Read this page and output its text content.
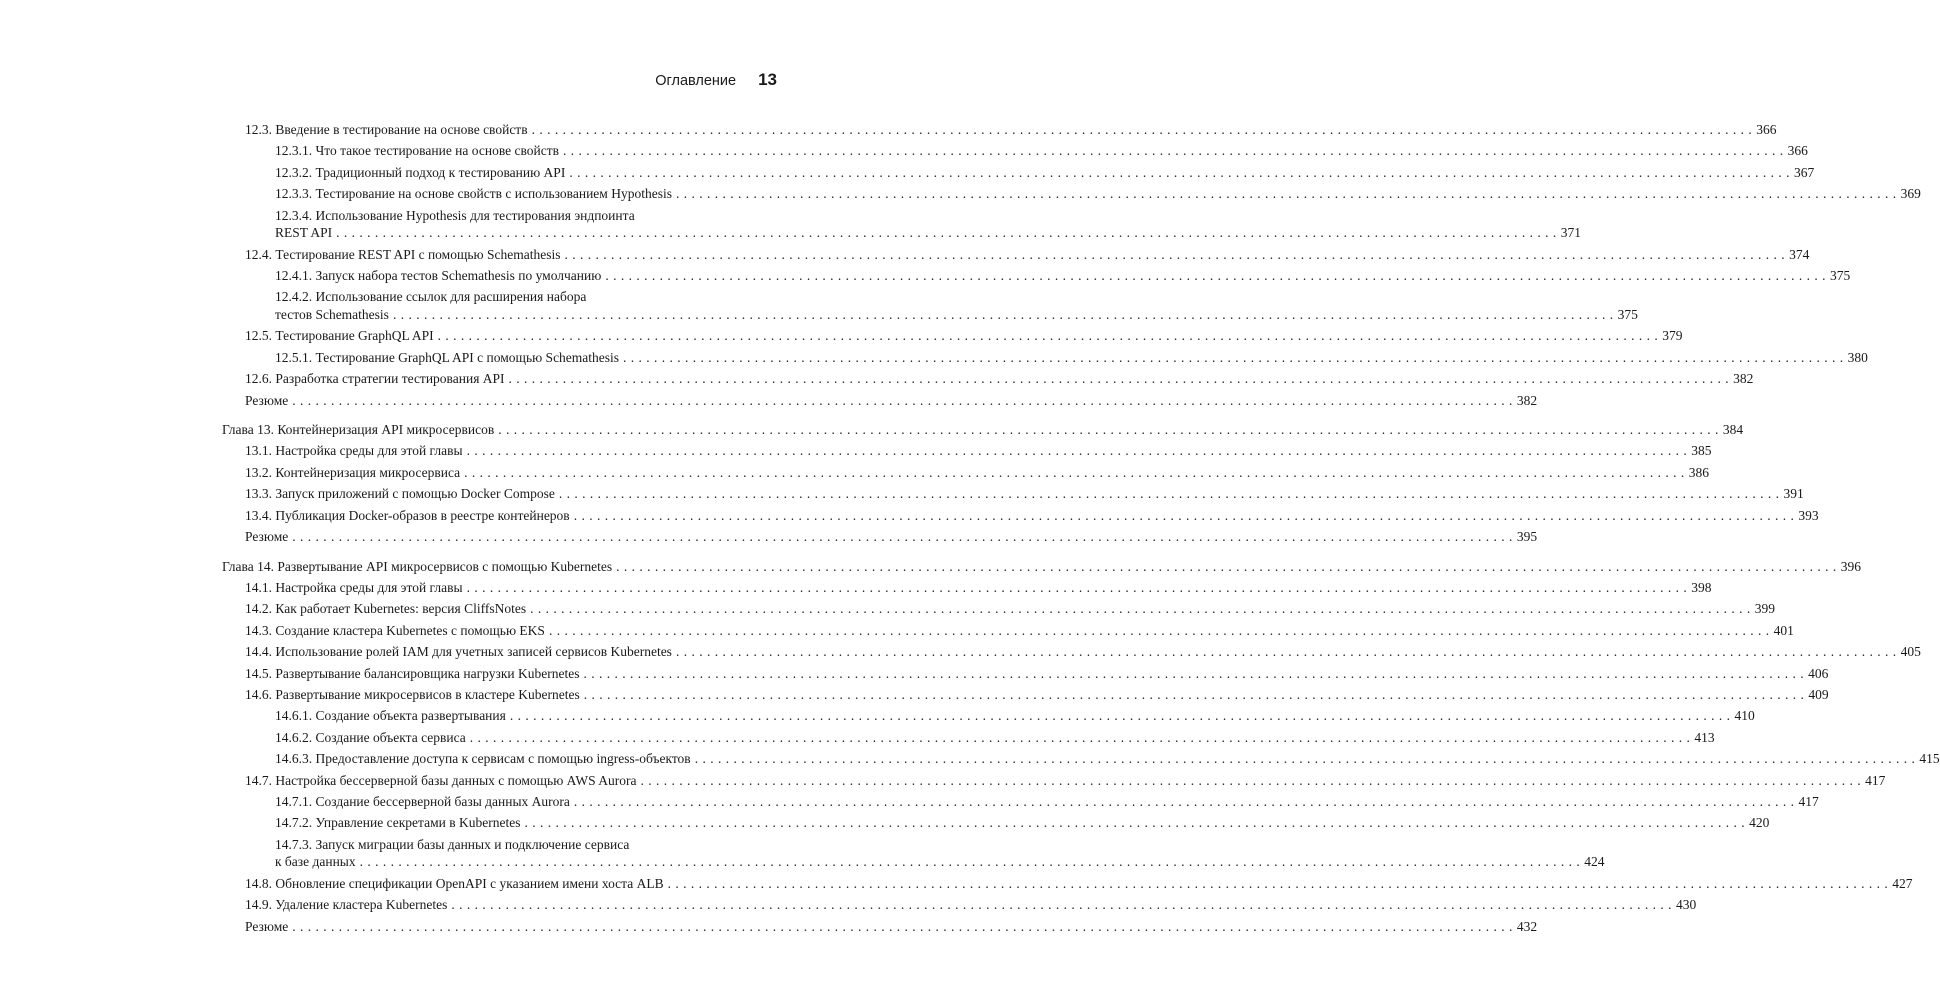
Оглавление 13
12.3. Введение в тестирование на основе свойств . . .	366
12.3.1. Что такое тестирование на основе свойств . . .	366
12.3.2. Традиционный подход к тестированию API . . .	367
12.3.3. Тестирование на основе свойств с использованием Hypothesis . . .	369
12.3.4. Использование Hypothesis для тестирования эндпоинта
REST API . . .	371
12.4. Тестирование REST API с помощью Schemathesis . . .	374
12.4.1. Запуск набора тестов Schemathesis по умолчанию . . .	375
12.4.2. Использование ссылок для расширения набора
тестов Schemathesis . . .	375
12.5. Тестирование GraphQL API . . .	379
12.5.1. Тестирование GraphQL API с помощью Schemathesis . . .	380
12.6. Разработка стратегии тестирования API . . .	382
Резюме . . .	382
Глава 13. Контейнеризация API микросервисов . . .	384
13.1. Настройка среды для этой главы . . .	385
13.2. Контейнеризация микросервиса . . .	386
13.3. Запуск приложений с помощью Docker Compose . . .	391
13.4. Публикация Docker-образов в реестре контейнеров . . .	393
Резюме . . .	395
Глава 14. Развертывание API микросервисов с помощью Kubernetes . . .	396
14.1. Настройка среды для этой главы . . .	398
14.2. Как работает Kubernetes: версия CliffsNotes . . .	399
14.3. Создание кластера Kubernetes с помощью EKS . . .	401
14.4. Использование ролей IAM для учетных записей сервисов Kubernetes . . .	405
14.5. Развертывание балансировщика нагрузки Kubernetes . . .	406
14.6. Развертывание микросервисов в кластере Kubernetes . . .	409
14.6.1. Создание объекта развертывания . . .	410
14.6.2. Создание объекта сервиса . . .	413
14.6.3. Предоставление доступа к сервисам с помощью ingress-объектов . . .	415
14.7. Настройка бессерверной базы данных с помощью AWS Aurora . . .	417
14.7.1. Создание бессерверной базы данных Aurora . . .	417
14.7.2. Управление секретами в Kubernetes . . .	420
14.7.3. Запуск миграции базы данных и подключение сервиса
к базе данных . . .	424
14.8. Обновление спецификации OpenAPI с указанием имени хоста ALB . . .	427
14.9. Удаление кластера Kubernetes . . .	430
Резюме . . .	432
